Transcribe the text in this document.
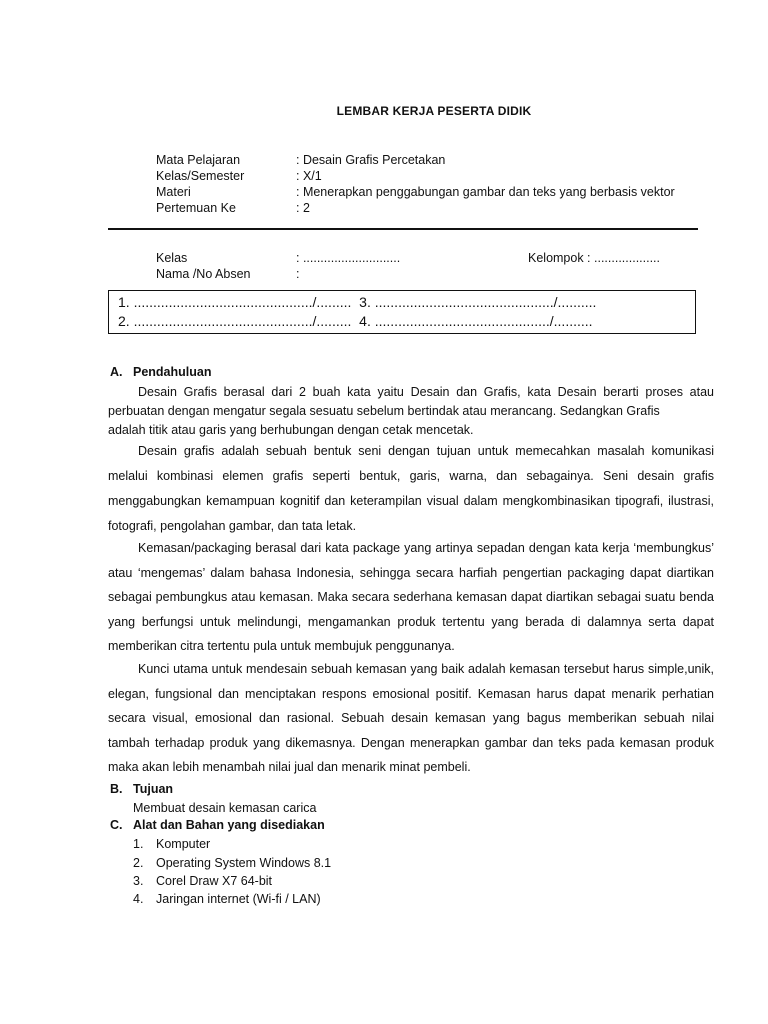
LEMBAR KERJA PESERTA DIDIK
Mata Pelajaran	: Desain Grafis Percetakan
Kelas/Semester	: X/1
Materi	: Menerapkan penggabungan gambar dan teks yang berbasis vektor
Pertemuan Ke	: 2
Kelas	: ............................	Kelompok : ...................
Nama /No Absen	:
1. ............................................../.........  3. ............................................../..........
2. ............................................../.........  4. ............................................./..........
A. Pendahuluan

Desain Grafis berasal dari 2 buah kata yaitu Desain dan Grafis, kata Desain berarti proses atau perbuatan dengan mengatur segala sesuatu sebelum bertindak atau merancang. Sedangkan Grafis

adalah titik atau garis yang berhubungan dengan cetak mencetak.

Desain grafis adalah sebuah bentuk seni dengan tujuan untuk memecahkan masalah komunikasi melalui kombinasi elemen grafis seperti bentuk, garis, warna, dan sebagainya. Seni desain grafis menggabungkan kemampuan kognitif dan keterampilan visual dalam mengkombinasikan tipografi, ilustrasi, fotografi, pengolahan gambar, dan tata letak.

Kemasan/packaging berasal dari kata package yang artinya sepadan dengan kata kerja ‘membungkus’ atau ‘mengemas’ dalam bahasa Indonesia, sehingga secara harfiah pengertian packaging dapat diartikan sebagai pembungkus atau kemasan. Maka secara sederhana kemasan dapat diartikan sebagai suatu benda yang berfungsi untuk melindungi, mengamankan produk tertentu yang berada di dalamnya serta dapat memberikan citra tertentu pula untuk membujuk penggunanya.

Kunci utama untuk mendesain sebuah kemasan yang baik adalah kemasan tersebut harus simple,unik, elegan, fungsional dan menciptakan respons emosional positif. Kemasan harus dapat menarik perhatian secara visual, emosional dan rasional. Sebuah desain kemasan yang bagus memberikan sebuah nilai tambah terhadap produk yang dikemasnya. Dengan menerapkan gambar dan teks pada kemasan produk maka akan lebih menambah nilai jual dan menarik minat pembeli.

B. Tujuan
Membuat desain kemasan carica
C. Alat dan Bahan yang disediakan
1. Komputer
2. Operating System Windows 8.1
3. Corel Draw X7 64-bit
4. Jaringan internet (Wi-fi / LAN)
